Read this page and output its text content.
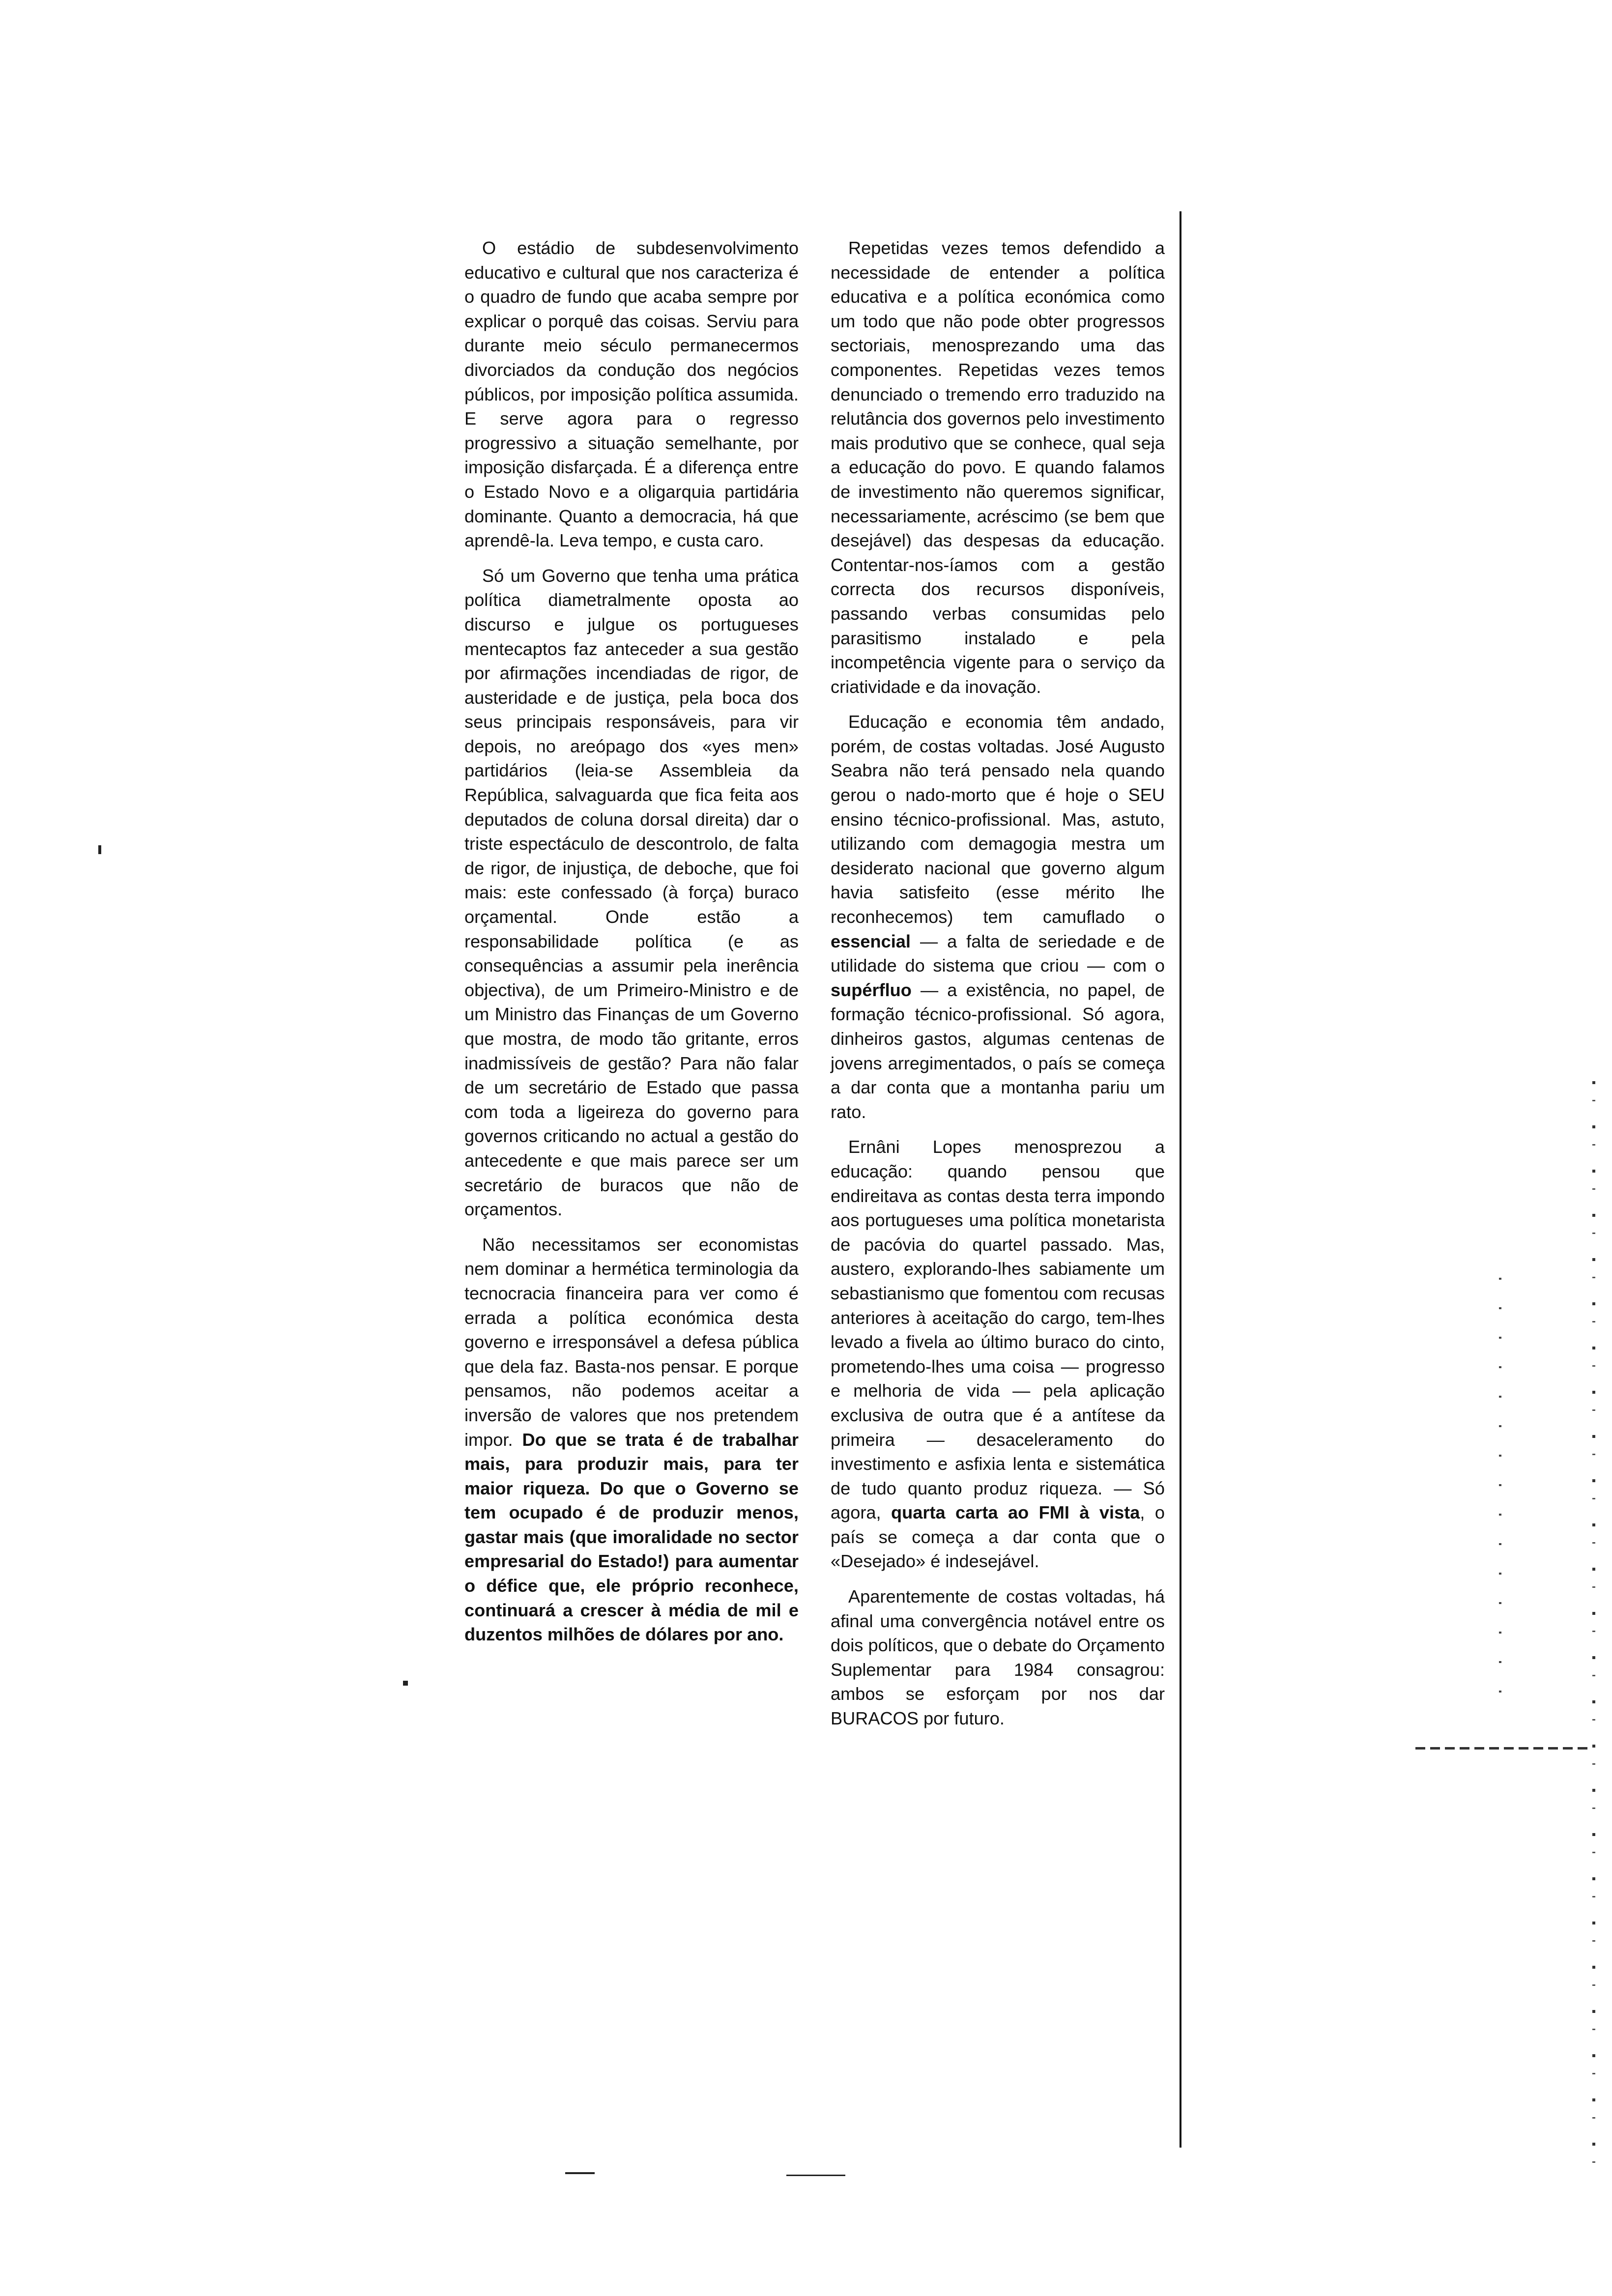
O estádio de subdesenvolvimento educativo e cultural que nos caracteriza é o quadro de fundo que acaba sempre por explicar o porquê das coisas. Serviu para durante meio século permanecermos divorciados da condução dos negócios públicos, por imposição política assumida. E serve agora para o regresso progressivo a situação semelhante, por imposição disfarçada. É a diferença entre o Estado Novo e a oligarquia partidária dominante. Quanto a democracia, há que aprendê-la. Leva tempo, e custa caro.

Só um Governo que tenha uma prática política diametralmente oposta ao discurso e julgue os portugueses mentecaptos faz anteceder a sua gestão por afirmações incendiadas de rigor, de austeridade e de justiça, pela boca dos seus principais responsáveis, para vir depois, no areópago dos «yes men» partidários (leia-se Assembleia da República, salvaguarda que fica feita aos deputados de coluna dorsal direita) dar o triste espectáculo de descontrolo, de falta de rigor, de injustiça, de deboche, que foi mais: este confessado (à força) buraco orçamental. Onde estão a responsabilidade política (e as consequências a assumir pela inerência objectiva), de um Primeiro-Ministro e de um Ministro das Finanças de um Governo que mostra, de modo tão gritante, erros inadmissíveis de gestão? Para não falar de um secretário de Estado que passa com toda a ligeireza do governo para governos criticando no actual a gestão do antecedente e que mais parece ser um secretário de buracos que não de orçamentos.

Não necessitamos ser economistas nem dominar a hermética terminologia da tecnocracia financeira para ver como é errada a política económica desta governo e irresponsável a defesa pública que dela faz. Basta-nos pensar. E porque pensamos, não podemos aceitar a inversão de valores que nos pretendem impor. Do que se trata é de trabalhar mais, para produzir mais, para ter maior riqueza. Do que o Governo se tem ocupado é de produzir menos, gastar mais (que imoralidade no sector empresarial do Estado!) para aumentar o défice que, ele próprio reconhece, continuará a crescer à média de mil e duzentos milhões de dólares por ano.

Repetidas vezes temos defendido a necessidade de entender a política educativa e a política económica como um todo que não pode obter progressos sectoriais, menosprezando uma das componentes. Repetidas vezes temos denunciado o tremendo erro traduzido na relutância dos governos pelo investimento mais produtivo que se conhece, qual seja a educação do povo. E quando falamos de investimento não queremos significar, necessariamente, acréscimo (se bem que desejável) das despesas da educação. Contentar-nos-íamos com a gestão correcta dos recursos disponíveis, passando verbas consumidas pelo parasitismo instalado e pela incompetência vigente para o serviço da criatividade e da inovação.

Educação e economia têm andado, porém, de costas voltadas. José Augusto Seabra não terá pensado nela quando gerou o nado-morto que é hoje o SEU ensino técnico-profissional. Mas, astuto, utilizando com demagogia mestra um desiderato nacional que governo algum havia satisfeito (esse mérito lhe reconhecemos) tem camuflado o essencial — a falta de seriedade e de utilidade do sistema que criou — com o supérfluo — a existência, no papel, de formação técnico-profissional. Só agora, dinheiros gastos, algumas centenas de jovens arregimentados, o país se começa a dar conta que a montanha pariu um rato.

Ernâni Lopes menosprezou a educação: quando pensou que endireitava as contas desta terra impondo aos portugueses uma política monetarista de pacóvia do quartel passado. Mas, austero, explorando-lhes sabiamente um sebastianismo que fomentou com recusas anteriores à aceitação do cargo, tem-lhes levado a fivela ao último buraco do cinto, prometendo-lhes uma coisa — progresso e melhoria de vida — pela aplicação exclusiva de outra que é a antítese da primeira — desaceleramento do investimento e asfixia lenta e sistemática de tudo quanto produz riqueza. — Só agora, quarta carta ao FMI à vista, o país se começa a dar conta que o «Desejado» é indesejável.

Aparentemente de costas voltadas, há afinal uma convergência notável entre os dois políticos, que o debate do Orçamento Suplementar para 1984 consagrou: ambos se esforçam por nos dar BURACOS por futuro.
